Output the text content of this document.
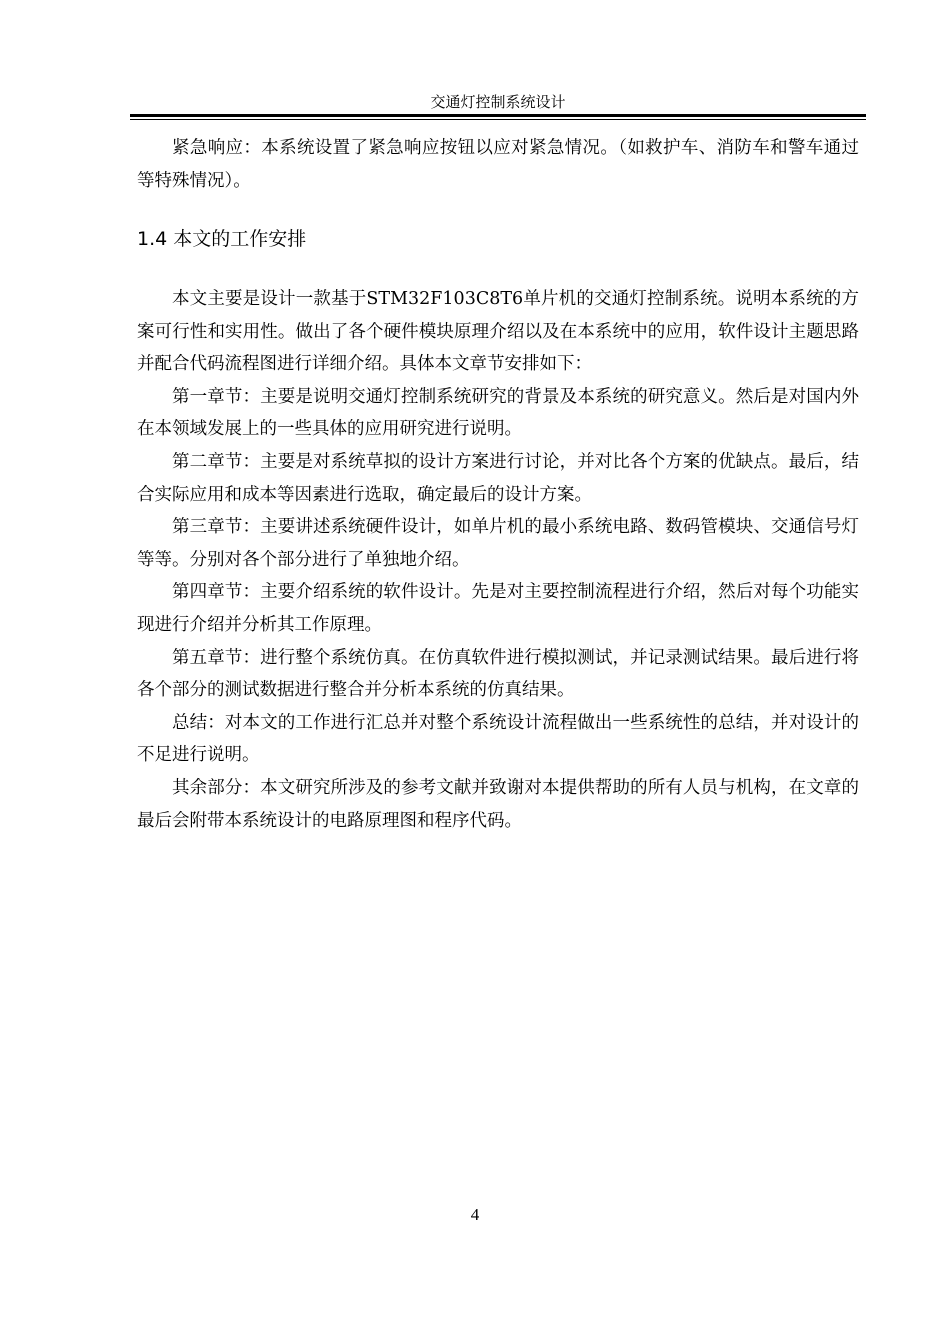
交通灯控制系统设计

紧急响应：本系统设置了紧急响应按钮以应对紧急情况。（如救护车、消防车和警车通过等特殊情况）。

1.4 本文的工作安排

本文主要是设计一款基于STM32F103C8T6单片机的交通灯控制系统。说明本系统的方案可行性和实用性。做出了各个硬件模块原理介绍以及在本系统中的应用，软件设计主题思路并配合代码流程图进行详细介绍。具体本文章节安排如下：

第一章节：主要是说明交通灯控制系统研究的背景及本系统的研究意义。然后是对国内外在本领域发展上的一些具体的应用研究进行说明。

第二章节：主要是对系统草拟的设计方案进行讨论，并对比各个方案的优缺点。最后，结合实际应用和成本等因素进行选取，确定最后的设计方案。

第三章节：主要讲述系统硬件设计，如单片机的最小系统电路、数码管模块、交通信号灯等等。分别对各个部分进行了单独地介绍。

第四章节：主要介绍系统的软件设计。先是对主要控制流程进行介绍，然后对每个功能实现进行介绍并分析其工作原理。

第五章节：进行整个系统仿真。在仿真软件进行模拟测试，并记录测试结果。最后进行将各个部分的测试数据进行整合并分析本系统的仿真结果。

总结：对本文的工作进行汇总并对整个系统设计流程做出一些系统性的总结，并对设计的不足进行说明。

其余部分：本文研究所涉及的参考文献并致谢对本提供帮助的所有人员与机构，在文章的最后会附带本系统设计的电路原理图和程序代码。

4
